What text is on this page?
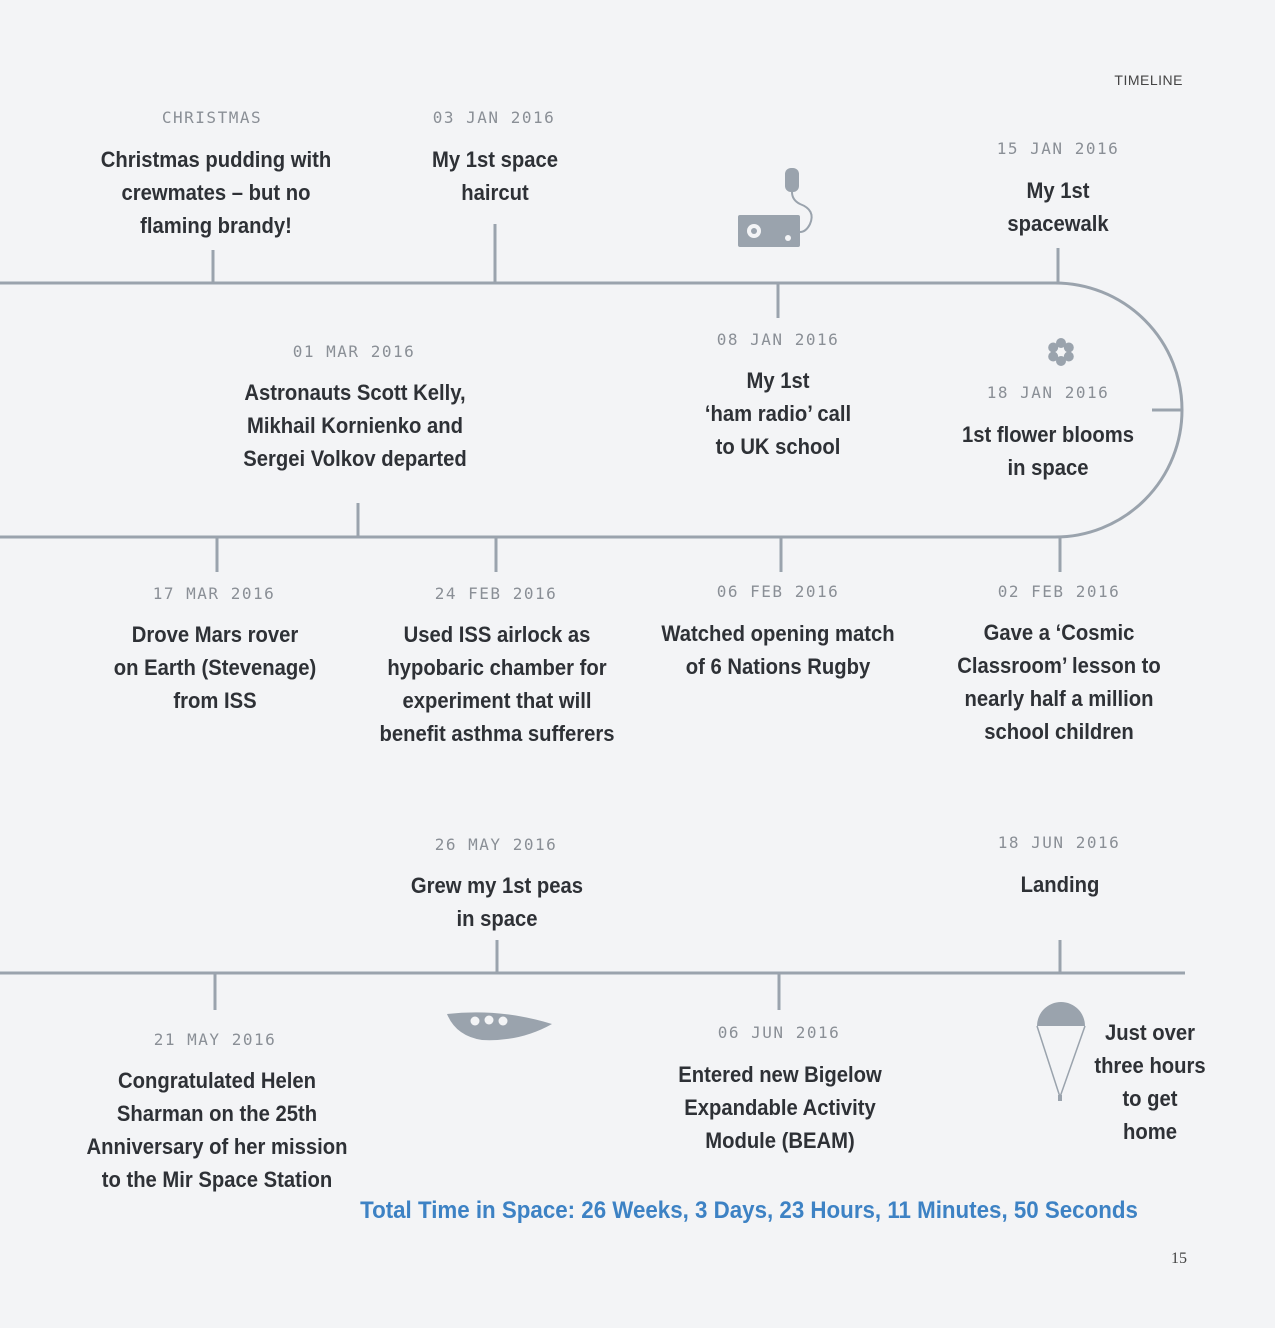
TIMELINE
CHRISTMAS
Christmas pudding with
crewmates – but no
flaming brandy!
03 JAN 2016
My 1st space
haircut
15 JAN 2016
My 1st
spacewalk
01 MAR 2016
Astronauts Scott Kelly,
Mikhail Kornienko and
Sergei Volkov departed
08 JAN 2016
My 1st
‘ham radio’ call
to UK school
18 JAN 2016
1st flower blooms
in space
17 MAR 2016
Drove Mars rover
on Earth (Stevenage)
from ISS
24 FEB 2016
Used ISS airlock as
hypobaric chamber for
experiment that will
benefit asthma sufferers
06 FEB 2016
Watched opening match
of 6 Nations Rugby
02 FEB 2016
Gave a ‘Cosmic
Classroom’ lesson to
nearly half a million
school children
26 MAY 2016
Grew my 1st peas
in space
18 JUN 2016
Landing
21 MAY 2016
Congratulated Helen
Sharman on the 25th
Anniversary of her mission
to the Mir Space Station
06 JUN 2016
Entered new Bigelow
Expandable Activity
Module (BEAM)
Just over
three hours
to get
home
Total Time in Space: 26 Weeks, 3 Days, 23 Hours, 11 Minutes, 50 Seconds
15
